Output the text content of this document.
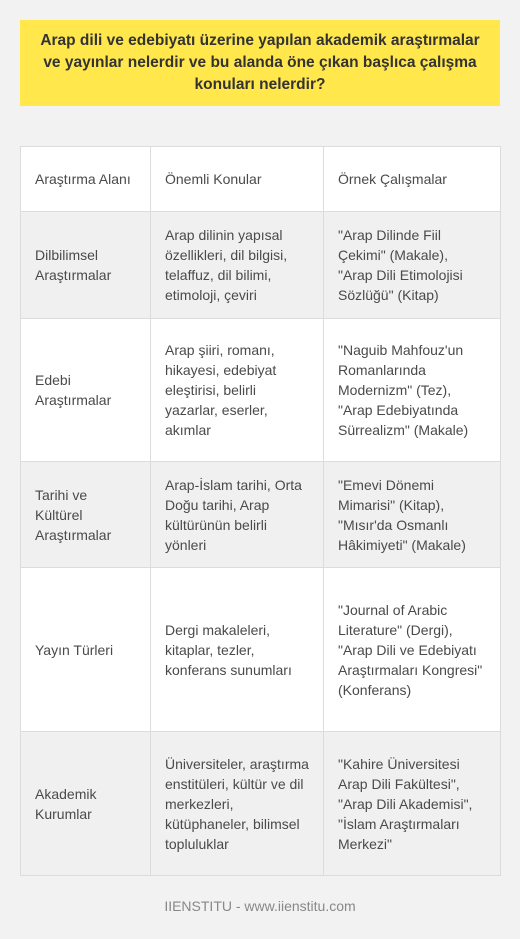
Arap dili ve edebiyatı üzerine yapılan akademik araştırmalar ve yayınlar nelerdir ve bu alanda öne çıkan başlıca çalışma konuları nelerdir?
Araştırma Alanı	Önemli Konular	Örnek Çalışmalar
Dilbilimsel Araştırmalar	Arap dilinin yapısal özellikleri, dil bilgisi, telaffuz, dil bilimi, etimoloji, çeviri	"Arap Dilinde Fiil Çekimi" (Makale), "Arap Dili Etimolojisi Sözlüğü" (Kitap)
Edebi Araştırmalar	Arap şiiri, romanı, hikayesi, edebiyat eleştirisi, belirli yazarlar, eserler, akımlar	"Naguib Mahfouz'un Romanlarında Modernizm" (Tez), "Arap Edebiyatında Sürrealizm" (Makale)
Tarihi ve Kültürel Araştırmalar	Arap-İslam tarihi, Orta Doğu tarihi, Arap kültürünün belirli yönleri	"Emevi Dönemi Mimarisi" (Kitap), "Mısır'da Osmanlı Hâkimiyeti" (Makale)
Yayın Türleri	Dergi makaleleri, kitaplar, tezler, konferans sunumları	"Journal of Arabic Literature" (Dergi), "Arap Dili ve Edebiyatı Araştırmaları Kongresi" (Konferans)
Akademik Kurumlar	Üniversiteler, araştırma enstitüleri, kültür ve dil merkezleri, kütüphaneler, bilimsel topluluklar	"Kahire Üniversitesi Arap Dili Fakültesi", "Arap Dili Akademisi", "İslam Araştırmaları Merkezi"
IIENSTITU - www.iienstitu.com
